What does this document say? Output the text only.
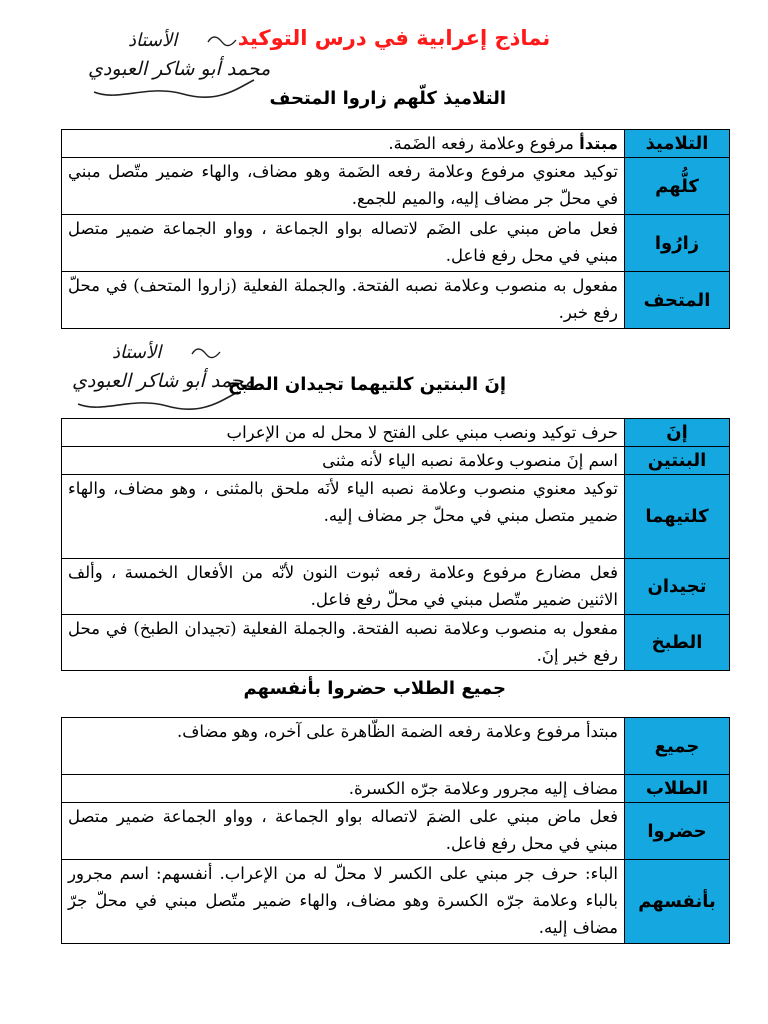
نماذج إعرابية في درس التوكيد
الأستاذ
محمد أبو شاكر العبودي
التلاميذ كلّهم زاروا المتحف
التلاميذ	مبتدأ مرفوع وعلامة رفعه الضَمة.
كلُّهم	توكيد معنوي مرفوع وعلامة رفعه الضَمة وهو مضاف، والهاء ضمير متّصل مبني في محلّ جر مضاف إليه، والميم للجمع.
زارُوا	فعل ماض مبني على الضَم لاتصاله بواو الجماعة ، وواو الجماعة ضمير متصل مبني في محل رفع فاعل.
المتحف	مفعول به منصوب وعلامة نصبه الفتحة. والجملة الفعلية (زاروا المتحف) في محلّ رفع خبر.
الأستاذ
محمد أبو شاكر العبودي
إنَ البنتين كلتيهما تجيدان الطبخ
إنَ	حرف توكيد ونصب مبني على الفتح لا محل له من الإعراب
البنتين	اسم إنَ منصوب وعلامة نصبه الياء لأنه مثنى
كلتيهما	توكيد معنوي منصوب وعلامة نصبه الياء لأنَه ملحق بالمثنى ، وهو مضاف، والهاء ضمير متصل مبني في محلّ جر مضاف إليه.
تجيدان	فعل مضارع مرفوع وعلامة رفعه ثبوت النون لأنّه من الأفعال الخمسة ، وألف الاثنين ضمير متّصل مبني في محلّ رفع فاعل.
الطبخ	مفعول به منصوب وعلامة نصبه الفتحة. والجملة الفعلية (تجيدان الطبخ) في محل رفع خبر إنَ.
جميع الطلاب حضروا بأنفسهم
جميع	مبتدأ مرفوع وعلامة رفعه الضمة الظّاهرة على آخره، وهو مضاف.
الطلاب	مضاف إليه مجرور وعلامة جرّه الكسرة.
حضروا	فعل ماض مبني على الضمَ لاتصاله بواو الجماعة ، وواو الجماعة ضمير متصل مبني في محل رفع فاعل.
بأنفسهم	الباء: حرف جر مبني على الكسر لا محلّ له من الإعراب. أنفسهم: اسم مجرور بالباء وعلامة جرّه الكسرة وهو مضاف، والهاء ضمير متّصل مبني في محلّ جرّ مضاف إليه.
